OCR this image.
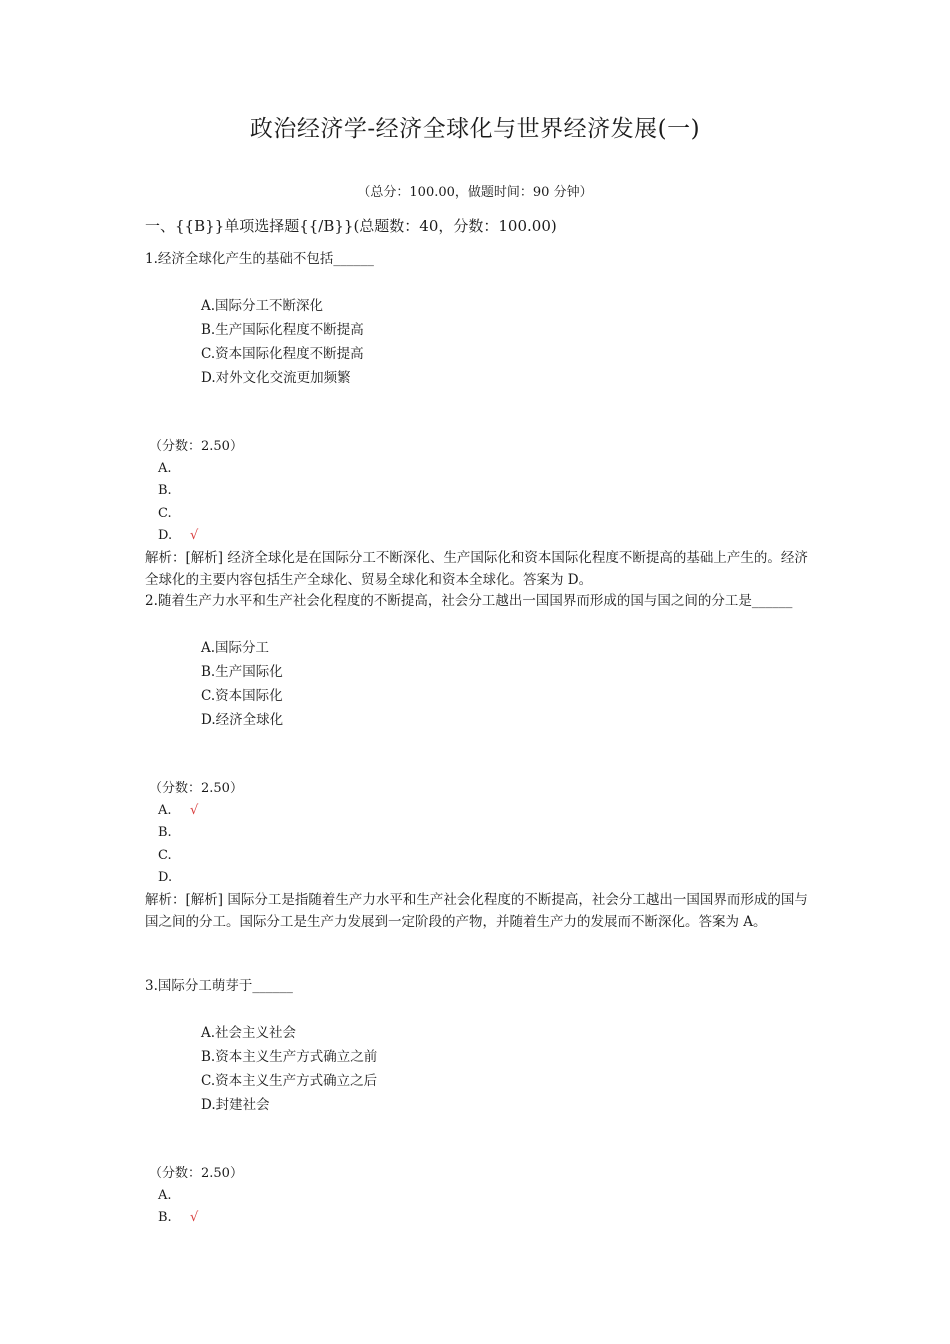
政治经济学-经济全球化与世界经济发展(一)
（总分：100.00，做题时间：90 分钟）
一、{{B}}单项选择题{{/B}}(总题数：40，分数：100.00)

1.经济全球化产生的基础不包括______

A.国际分工不断深化
B.生产国际化程度不断提高
C.资本国际化程度不断提高
D.对外文化交流更加频繁
（分数：2.50）
A.
B.
C.
D. √

解析：[解析] 经济全球化是在国际分工不断深化、生产国际化和资本国际化程度不断提高的基础上产生的。经济全球化的主要内容包括生产全球化、贸易全球化和资本全球化。答案为 D。

2.随着生产力水平和生产社会化程度的不断提高，社会分工越出一国国界而形成的国与国之间的分工是______

A.国际分工
B.生产国际化
C.资本国际化
D.经济全球化
（分数：2.50）
A. √
B.
C.
D.

解析：[解析] 国际分工是指随着生产力水平和生产社会化程度的不断提高，社会分工越出一国国界而形成的国与国之间的分工。国际分工是生产力发展到一定阶段的产物，并随着生产力的发展而不断深化。答案为 A。

3.国际分工萌芽于______

A.社会主义社会
B.资本主义生产方式确立之前
C.资本主义生产方式确立之后
D.封建社会
（分数：2.50）
A.
B. √
